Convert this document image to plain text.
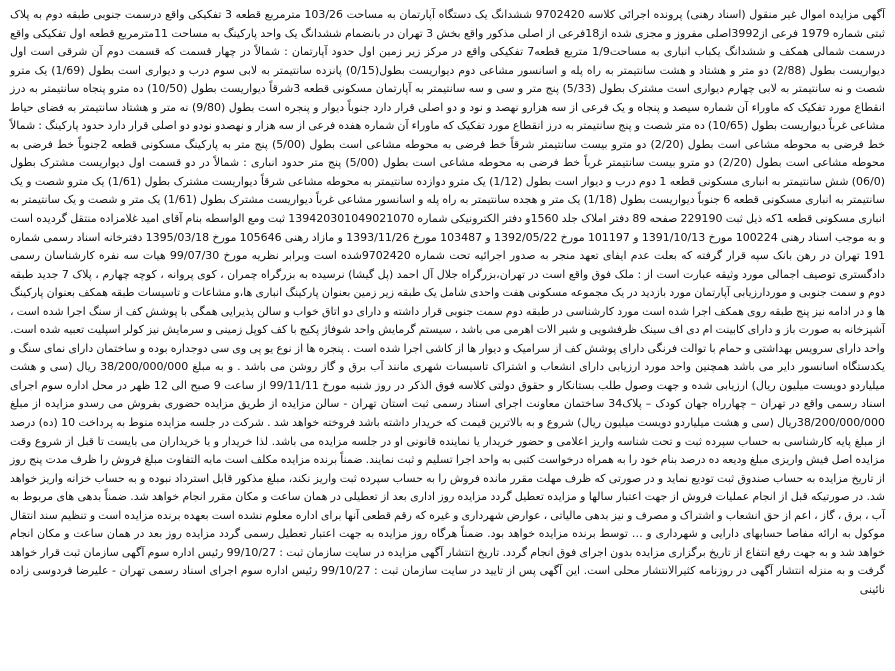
آگهی مزایده اموال غیر منقول (اسناد رهنی) پرونده اجرائی کلاسه 9702420 ششدانگ یک دستگاه آپارتمان به مساحت 103/26 مترمربع قطعه 3 تفکیکی واقع درسمت جنوبی طبقه دوم به پلاک ثبتی شماره 1979 فرعی از3992اصلی مفروز و مجزی شده از18فرعی از اصلی مذکور واقع بخش 3 تهران در بانضمام ششدانگ یک واحد پارکینگ به مساحت 11مترمربع قطعه اول تفکیکی واقع درسمت شمالی همکف و ششدانگ یکباب انباری به مساحت1/9 متربع قطعه7 تفکیکی واقع در مرکز زیر زمین اول حدود آپارتمان : شمالاً در چهار قسمت که قسمت دوم آن شرقی است اول دیواریست بطول (2/88) دو متر و هشتاد و هشت سانتیمتر به راه پله و اسانسور مشاعی دوم دیواریست بطول(0/15) پانزده سانتیمتر به لابی سوم درب و دیواری است بطول (1/69) یک مترو شصت و نه سانتیمتر به لابی چهارم دیواری است مشترک بطول (5/33) پنج متر و سی و سه سانتیمتر به آپارتمان مسکونی قطعه 3شرقاً دیواریست بطول (10/50) ده مترو پنجاه سانتیمتر به درز انقطاع مورد تفکیک که ماوراء آن شماره سیصد و پنجاه و یک فرعی از سه هزارو نهصد و نود و دو اصلی قرار دارد جنوباً دیوار و پنجره است بطول (9/80) نه متر و هشتاد سانتیمتر به فضای حیاط مشاعی غرباً دیواریست بطول (10/65) ده متر شصت و پنج سانتیمتر به درز انقطاع مورد تفکیک که ماوراء آن شماره هفده فرعی از سه هزار و نهصدو نودو دو اصلی قرار دارد حدود پارکینگ : شمالاً خط فرضی به محوطه مشاعی است بطول (2/20) دو مترو بیست سانتیمتر شرقاً خط فرضی به محوطه مشاعی است بطول (5/00) پنج متر به پارکینگ مسکونی قطعه 2جنوباً خط فرضی به محوطه مشاعی است بطول (2/20) دو مترو بیست سانتیمتر غرباً خط فرضی به محوطه مشاعی است بطول (5/00) پنج متر حدود انباری : شمالاً در دو قسمت اول دیواریست مشترک بطول (06/0) شش سانتیمتر به انباری مسکونی قطعه 1 دوم درب و دیوار است بطول (1/12) یک مترو دوازده سانتیمتر به محوطه مشاعی شرقاً دیواریست مشترک بطول (1/61) یک مترو شصت و یک سانتیمتر به انباری مسکونی قطعه 6 جنوباً دیواریست بطول (1/18) یک متر و هجده سانتیمتر به راه پله و اسانسور مشاعی غرباً دیواریست مشترک بطول (1/61) یک متر و شصت و یک سانتیمتر به انباری مسکونی قطعه 1که ذیل ثبت 229190 صفحه 89 دفتر املاک جلد 1560و دفتر الکترونیکی شماره 139420301049021070 ثبت ومع الواسطه بنام آقای امید غلامزاده منتقل گردیده است و به موجب اسناد رهنی 100224 مورخ 1391/10/13 و 101197 مورخ 1392/05/22 و 103487 مورخ 1393/11/26 و مازاد رهنی 105646 مورخ 1395/03/18 دفترخانه اسناد رسمی شماره 191 تهران در رهن بانک سپه قرار گرفته که بعلت عدم ایفای تعهد منجر به صدور اجرائیه تحت شماره 9702420شده است وبرابر نظریه مورخ 99/07/30 هیات سه نفره کارشناسان رسمی دادگستری توصیف اجمالی مورد وثیقه عبارت است از : ملک فوق واقع است در تهران،بزرگراه جلال آل احمد (پل گیشا) نرسیده به بزرگراه چمران ، کوی پروانه ، کوچه چهارم ، پلاک 7 جدید طبقه دوم و سمت جنوبی و موردارزیابی آپارتمان مورد بازدید در یک مجموعه مسکونی هفت واحدی شامل یک طبقه زیر زمین بعنوان پارکینگ انباری ها،و مشاعات و تاسیسات طبقه همکف بعنوان پارکینگ ها و در ادامه نیز پنج طبقه روی همکف اجرا شده است مورد کارشناسی در طبقه دوم سمت جنوبی قرار داشته و دارای دو اتاق خواب و سالن پذیرایی همگی با پوشش کف از سنگ اجرا شده است ، آشپزخانه به صورت باز و دارای کابینت ام دی اف سینک ظرفشویی و شیر الات اهرمی می باشد ، سیستم گرمایش واحد شوفاژ پکیج با کف کوپل زمینی و سرمایش نیز کولر اسپلیت تعبیه شده است. واحد دارای سرویس بهداشتی و حمام با توالت فرنگی دارای پوشش کف از سرامیک و دیوار ها از کاشی اجرا شده است . پنجره ها از نوع یو پی وی سی دوجداره بوده و ساختمان دارای نمای سنگ و یکدستگاه اسانسور دایر می باشد همچنین واحد مورد ارزیابی دارای انشعاب و اشتراک تاسیسات شهری مانند آب برق و گاز روشن می باشد . و به مبلغ 38/200/000/000 ریال (سی و هشت میلیاردو دویست میلیون ریال) ارزیابی شده و جهت وصول طلب بستانکار و حقوق دولتی کلاسه فوق الذکر در روز شنبه مورخ 99/11/11 از ساعت 9 صبح الی 12 ظهر در محل اداره سوم اجرای اسناد رسمی واقع در تهران – چهارراه جهان کودک – پلاک34 ساختمان معاونت اجرای اسناد رسمی ثبت استان تهران - سالن مزایده از طریق مزایده حضوری بفروش می رسدو مزایده از مبلغ 38/200/000/000ریال (سی و هشت میلیاردو دویست میلیون ریال) شروع و به بالاترین قیمت که خریدار داشته باشد فروخته خواهد شد . شرکت در جلسه مزایده منوط به پرداخت 10 (ده) درصد از مبلغ پایه کارشناسی به حساب سپرده ثبت و تحت شناسه واریز اعلامی و حضور خریدار یا نماینده قانونی او در جلسه مزایده می باشد. لذا خریدار و یا خریداران می بایست تا قبل از شروع وقت مزایده اصل فیش واریزی مبلغ ودیعه ده درصد بنام خود را به همراه درخواست کتبی به واحد اجرا تسلیم و ثبت نمایند. ضمناً برنده مزایده مکلف است مابه التفاوت مبلغ فروش را ظرف مدت پنج روز از تاریخ مزایده به حساب صندوق ثبت تودیع نماید و در صورتی که ظرف مهلت مقرر مانده فروش را به حساب سپرده ثبت واریز نکند، مبلغ مذکور قابل استرداد نبوده و به حساب خزانه واریز خواهد شد. در صورتیکه قبل از انجام عملیات فروش از جهت اعتبار سالها و مزایده تعطیل گردد مزایده روز اداری بعد از تعطیلی در همان ساعت و مکان مقرر انجام خواهد شد. ضمناً بدهی های مربوط به آب ، برق ، گاز ، اعم از حق انشعاب و اشتراک و مصرف و نیز بدهی مالیاتی ، عوارض شهرداری و غیره که رقم قطعی آنها برای اداره معلوم نشده است بعهده برنده مزایده است و تنظیم سند انتقال موکول به ارائه مفاصا حسابهای دارایی و شهرداری و … توسط برنده مزایده خواهد بود. ضمناً هرگاه روز مزایده به جهت اعتبار تعطیل رسمی گردد مزایده روز بعد در همان ساعت و مکان انجام خواهد شد و به جهت رفع انتفاع از تاریخ برگزاری مزایده بدون اجرای فوق انجام گردد. تاریخ انتشار آگهی مزایده در سایت سازمان ثبت : 99/10/27 رئیس اداره سوم آگهی سازمان ثبت قرار خواهد گرفت و به منزله انتشار آگهی در روزنامه کثیرالانتشار محلی است. این آگهی پس از تایید در سایت سازمان ثبت : 99/10/27 رئیس اداره سوم اجرای اسناد رسمی تهران - علیرضا فردوسی زاده نائینی
